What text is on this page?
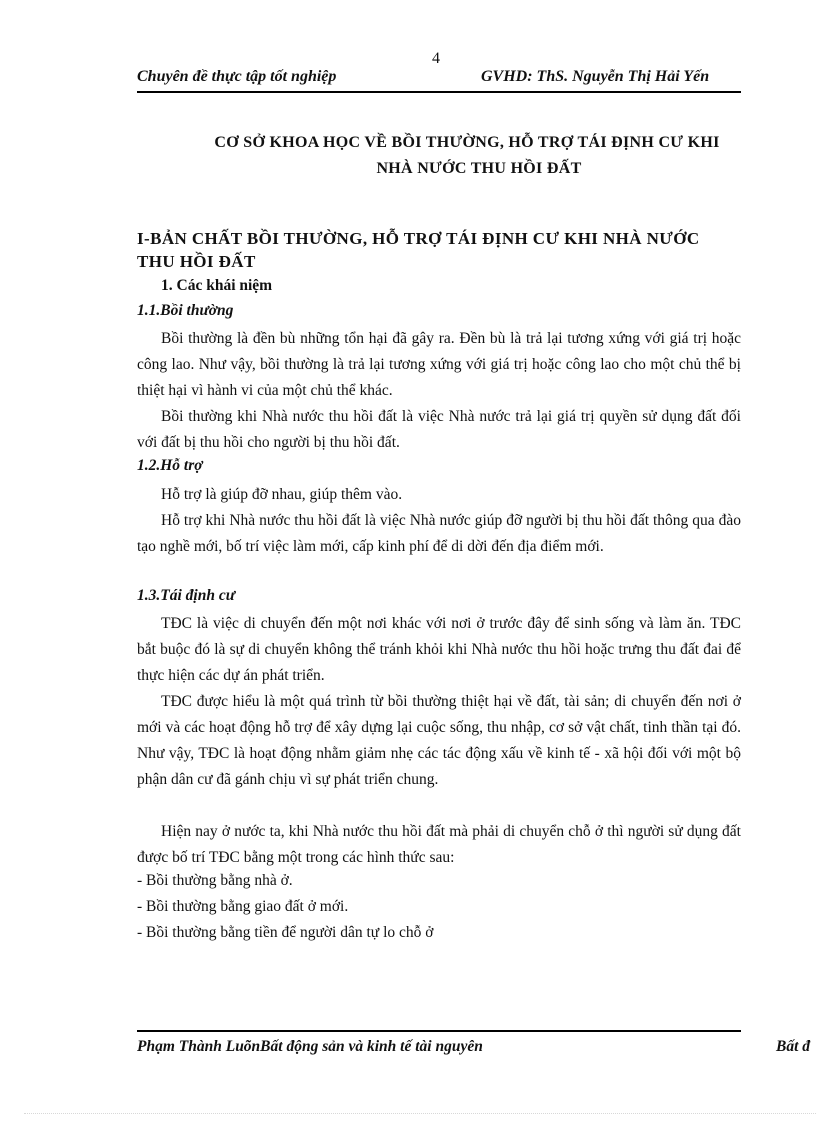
4
Chuyên đề thực tập tốt nghiệp	GVHD: ThS. Nguyễn Thị Hải Yến
CƠ SỞ KHOA HỌC VỀ BỒI THƯỜNG, HỖ TRỢ TÁI ĐỊNH CƯ KHI
NHÀ NƯỚC THU HỒI ĐẤT
I-BẢN CHẤT BỒI THƯỜNG, HỖ TRỢ TÁI ĐỊNH CƯ KHI NHÀ NƯỚC
THU HỒI ĐẤT
1. Các khái niệm
1.1.Bồi thường

Bồi thường là đền bù những tổn hại đã gây ra. Đền bù là trả lại tương xứng với giá trị hoặc công lao. Như vậy, bồi thường là trả lại tương xứng với giá trị hoặc công lao cho một chủ thể bị thiệt hại vì hành vi của một chủ thể khác.

Bồi thường khi Nhà nước thu hồi đất là việc Nhà nước trả lại giá trị quyền sử dụng đất đối với đất bị thu hồi cho người bị thu hồi đất.

1.2.Hỗ trợ

Hỗ trợ là giúp đỡ nhau, giúp thêm vào.

Hỗ trợ khi Nhà nước thu hồi đất là việc Nhà nước giúp đỡ người bị thu hồi đất thông qua đào tạo nghề mới, bố trí việc làm mới, cấp kinh phí để di dời đến địa điểm mới.

1.3.Tái định cư

TĐC là việc di chuyển đến một nơi khác với nơi ở trước đây để sinh sống và làm ăn. TĐC bắt buộc đó là sự di chuyển không thể tránh khỏi khi Nhà nước thu hồi hoặc trưng thu đất đai để thực hiện các dự án phát triển.

TĐC được hiểu là một quá trình từ bồi thường thiệt hại về đất, tài sản; di chuyển đến nơi ở mới và các hoạt động hỗ trợ để xây dựng lại cuộc sống, thu nhập, cơ sở vật chất, tinh thần tại đó. Như vậy, TĐC là hoạt động nhằm giảm nhẹ các tác động xấu về kinh tế - xã hội đối với một bộ phận dân cư đã gánh chịu vì sự phát triển chung.

Hiện nay ở nước ta, khi Nhà nước thu hồi đất mà phải di chuyển chỗ ở thì người sử dụng đất được bố trí TĐC bằng một trong các hình thức sau:

- Bồi thường bằng nhà ở.
- Bồi thường bằng giao đất ở mới.
- Bồi thường bằng tiền để người dân tự lo chỗ ở
Phạm Thành LuõnBất động sản và kinh tế tài nguyên	Bất đ
